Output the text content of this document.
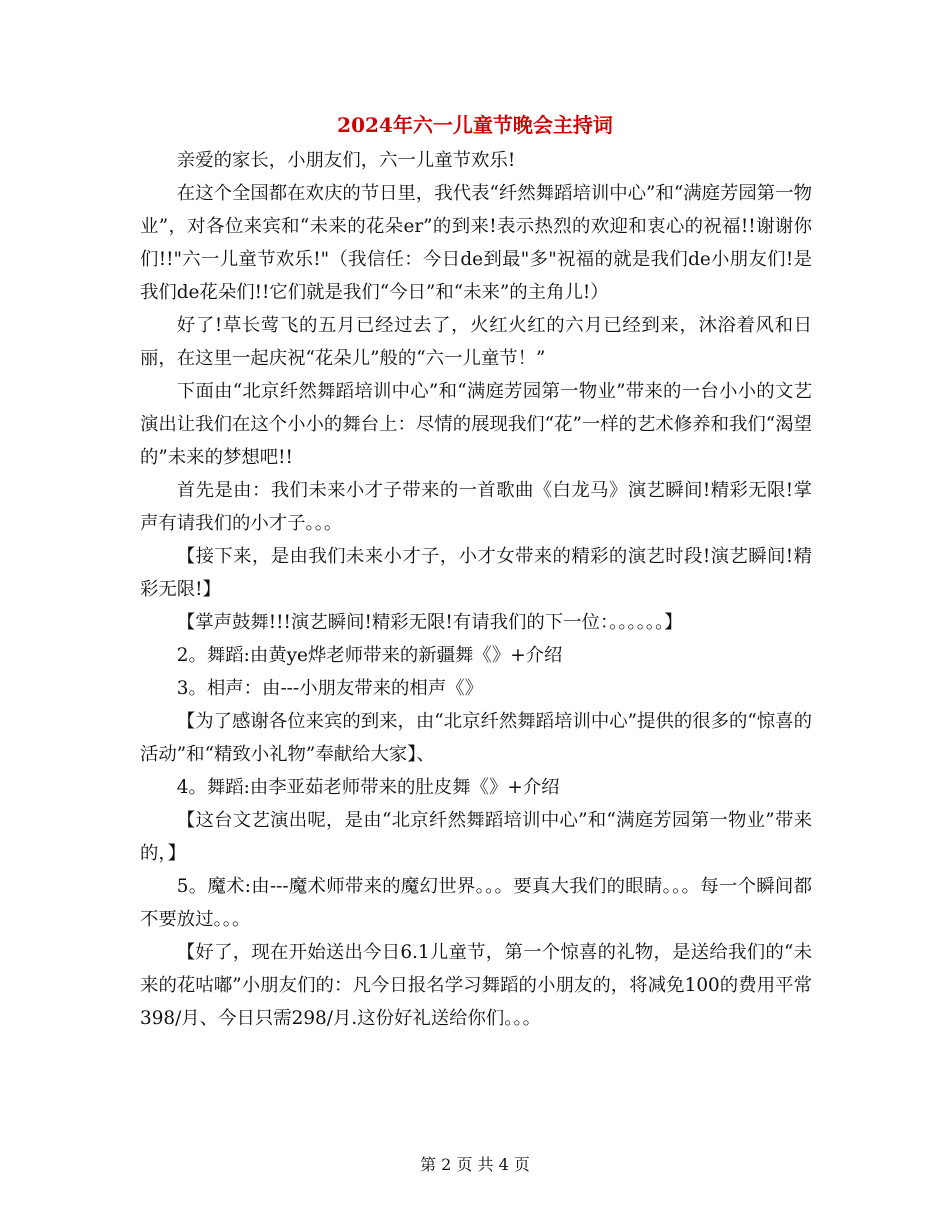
2024年六一儿童节晚会主持词

亲爱的家长，小朋友们，六一儿童节欢乐!

在这个全国都在欢庆的节日里，我代表“纤然舞蹈培训中心”和“满庭芳园第一物业”，对各位来宾和“未来的花朵er”的到来!表示热烈的欢迎和衷心的祝福!!谢谢你们!!"六一儿童节欢乐!"（我信任：今日de到最"多"祝福的就是我们de小朋友们!是我们de花朵们!!它们就是我们“今日”和“未来”的主角儿!）

好了!草长莺飞的五月已经过去了，火红火红的六月已经到来，沐浴着风和日丽，在这里一起庆祝“花朵儿”般的“六一儿童节！”

下面由“北京纤然舞蹈培训中心”和“满庭芳园第一物业”带来的一台小小的文艺演出让我们在这个小小的舞台上：尽情的展现我们“花”一样的艺术修养和我们“渴望的”未来的梦想吧!!

首先是由：我们未来小才子带来的一首歌曲《白龙马》演艺瞬间!精彩无限!掌声有请我们的小才子。。。

【接下来，是由我们未来小才子，小才女带来的精彩的演艺时段!演艺瞬间!精彩无限!】

【掌声鼓舞!!!演艺瞬间!精彩无限!有请我们的下一位：。。。。。。】

2。舞蹈:由黄ye烨老师带来的新疆舞《》+介绍

3。相声：由---小朋友带来的相声《》

【为了感谢各位来宾的到来，由“北京纤然舞蹈培训中心”提供的很多的“惊喜的活动”和“精致小礼物”奉献给大家】、

4。舞蹈:由李亚茹老师带来的肚皮舞《》+介绍

【这台文艺演出呢，是由“北京纤然舞蹈培训中心”和“满庭芳园第一物业”带来的，】

5。魔术:由---魔术师带来的魔幻世界。。。要真大我们的眼睛。。。每一个瞬间都不要放过。。。

【好了，现在开始送出今日6.1儿童节，第一个惊喜的礼物，是送给我们的“未来的花咕嘟”小朋友们的：凡今日报名学习舞蹈的小朋友的，将减免100的费用平常398/月、今日只需298/月.这份好礼送给你们。。。

第 2 页 共 4 页
